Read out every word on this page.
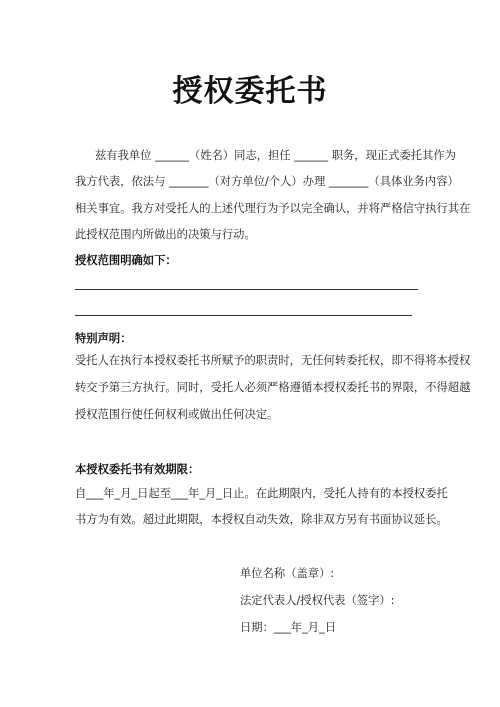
授权委托书
兹有我单位 ______（姓名）同志，担任 ______ 职务，现正式委托其作为
我方代表，依法与 _______（对方单位/个人）办理 _______（具体业务内容）
相关事宜。我方对受托人的上述代理行为予以完全确认，并将严格信守执行其在
此授权范围内所做出的决策与行动。
授权范围明确如下：
特别声明：
受托人在执行本授权委托书所赋予的职责时，无任何转委托权，即不得将本授权
转交予第三方执行。同时，受托人必须严格遵循本授权委托书的界限，不得超越
授权范围行使任何权利或做出任何决定。
本授权委托书有效期限：
自___年_月_日起至___年_月_日止。在此期限内，受托人持有的本授权委托
书方为有效。超过此期限，本授权自动失效，除非双方另有书面协议延长。
单位名称（盖章）:
法定代表人/授权代表（签字）:
日期：___年_月_日
